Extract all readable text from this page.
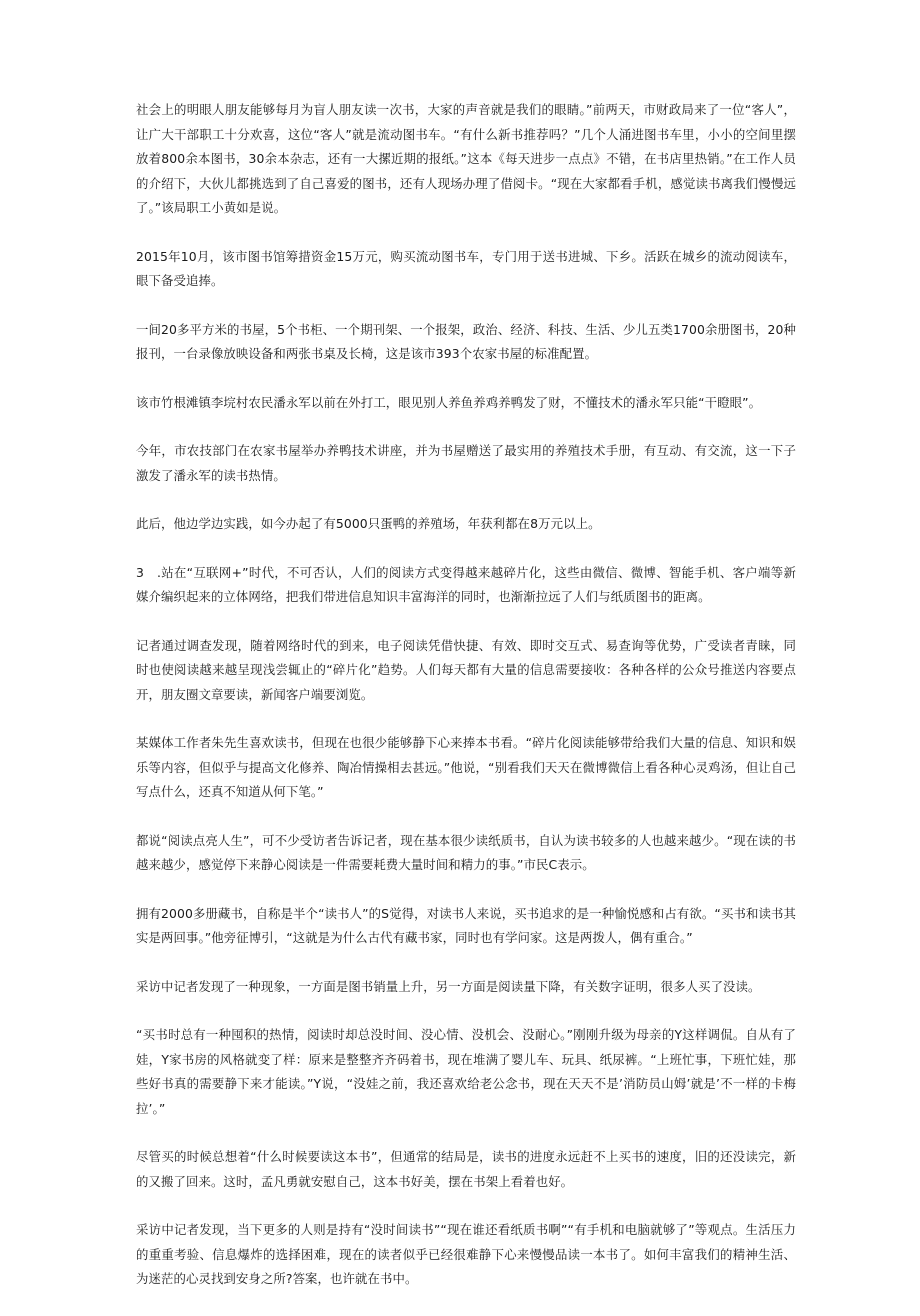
社会上的明眼人朋友能够每月为盲人朋友读一次书，大家的声音就是我们的眼睛。”前两天，市财政局来了一位“客人”，让广大干部职工十分欢喜，这位“客人”就是流动图书车。“有什么新书推荐吗？”几个人涌进图书车里，小小的空间里摆放着800余本图书，30余本杂志，还有一大摞近期的报纸。”这本《每天进步一点点》不错，在书店里热销。”在工作人员的介绍下，大伙儿都挑选到了自己喜爱的图书，还有人现场办理了借阅卡。“现在大家都看手机，感觉读书离我们慢慢远了。”该局职工小黄如是说。

2015年10月，该市图书馆筹措资金15万元，购买流动图书车，专门用于送书进城、下乡。活跃在城乡的流动阅读车，眼下备受追捧。

一间20多平方米的书屋，5个书柜、一个期刊架、一个报架，政治、经济、科技、生活、少儿五类1700余册图书，20种报刊，一台录像放映设备和两张书桌及长椅，这是该市393个农家书屋的标准配置。

该市竹根滩镇李垸村农民潘永军以前在外打工，眼见别人养鱼养鸡养鸭发了财，不懂技术的潘永军只能“干瞪眼”。

今年，市农技部门在农家书屋举办养鸭技术讲座，并为书屋赠送了最实用的养殖技术手册，有互动、有交流，这一下子激发了潘永军的读书热情。

此后，他边学边实践，如今办起了有5000只蛋鸭的养殖场，年获利都在8万元以上。

3　.站在“互联网+”时代，不可否认，人们的阅读方式变得越来越碎片化，这些由微信、微博、智能手机、客户端等新媒介编织起来的立体网络，把我们带进信息知识丰富海洋的同时，也渐渐拉远了人们与纸质图书的距离。

记者通过调查发现，随着网络时代的到来，电子阅读凭借快捷、有效、即时交互式、易查询等优势，广受读者青睐，同时也使阅读越来越呈现浅尝辄止的“碎片化”趋势。人们每天都有大量的信息需要接收：各种各样的公众号推送内容要点开，朋友圈文章要读，新闻客户端要浏览。

某媒体工作者朱先生喜欢读书，但现在也很少能够静下心来捧本书看。“碎片化阅读能够带给我们大量的信息、知识和娱乐等内容，但似乎与提高文化修养、陶冶情操相去甚远。”他说，“别看我们天天在微博微信上看各种心灵鸡汤，但让自己写点什么，还真不知道从何下笔。”

都说“阅读点亮人生”，可不少受访者告诉记者，现在基本很少读纸质书，自认为读书较多的人也越来越少。“现在读的书越来越少，感觉停下来静心阅读是一件需要耗费大量时间和精力的事。”市民C表示。

拥有2000多册藏书，自称是半个“读书人”的S觉得，对读书人来说，买书追求的是一种愉悦感和占有欲。“买书和读书其实是两回事。”他旁征博引，“这就是为什么古代有藏书家，同时也有学问家。这是两拨人，偶有重合。”

采访中记者发现了一种现象，一方面是图书销量上升，另一方面是阅读量下降，有关数字证明，很多人买了没读。

“买书时总有一种囤积的热情，阅读时却总没时间、没心情、没机会、没耐心。”刚刚升级为母亲的Y这样调侃。自从有了娃，Y家书房的风格就变了样：原来是整整齐齐码着书，现在堆满了婴儿车、玩具、纸尿裤。“上班忙事，下班忙娃，那些好书真的需要静下来才能读。”Y说，“没娃之前，我还喜欢给老公念书，现在天天不是’消防员山姆’就是’不一样的卡梅拉’。”

尽管买的时候总想着“什么时候要读这本书”，但通常的结局是，读书的进度永远赶不上买书的速度，旧的还没读完，新的又搬了回来。这时，孟凡勇就安慰自己，这本书好美，摆在书架上看着也好。

采访中记者发现，当下更多的人则是持有“没时间读书”“现在谁还看纸质书啊”“有手机和电脑就够了”等观点。生活压力的重重考验、信息爆炸的选择困难，现在的读者似乎已经很难静下心来慢慢品读一本书了。如何丰富我们的精神生活、为迷茫的心灵找到安身之所?答案，也许就在书中。
